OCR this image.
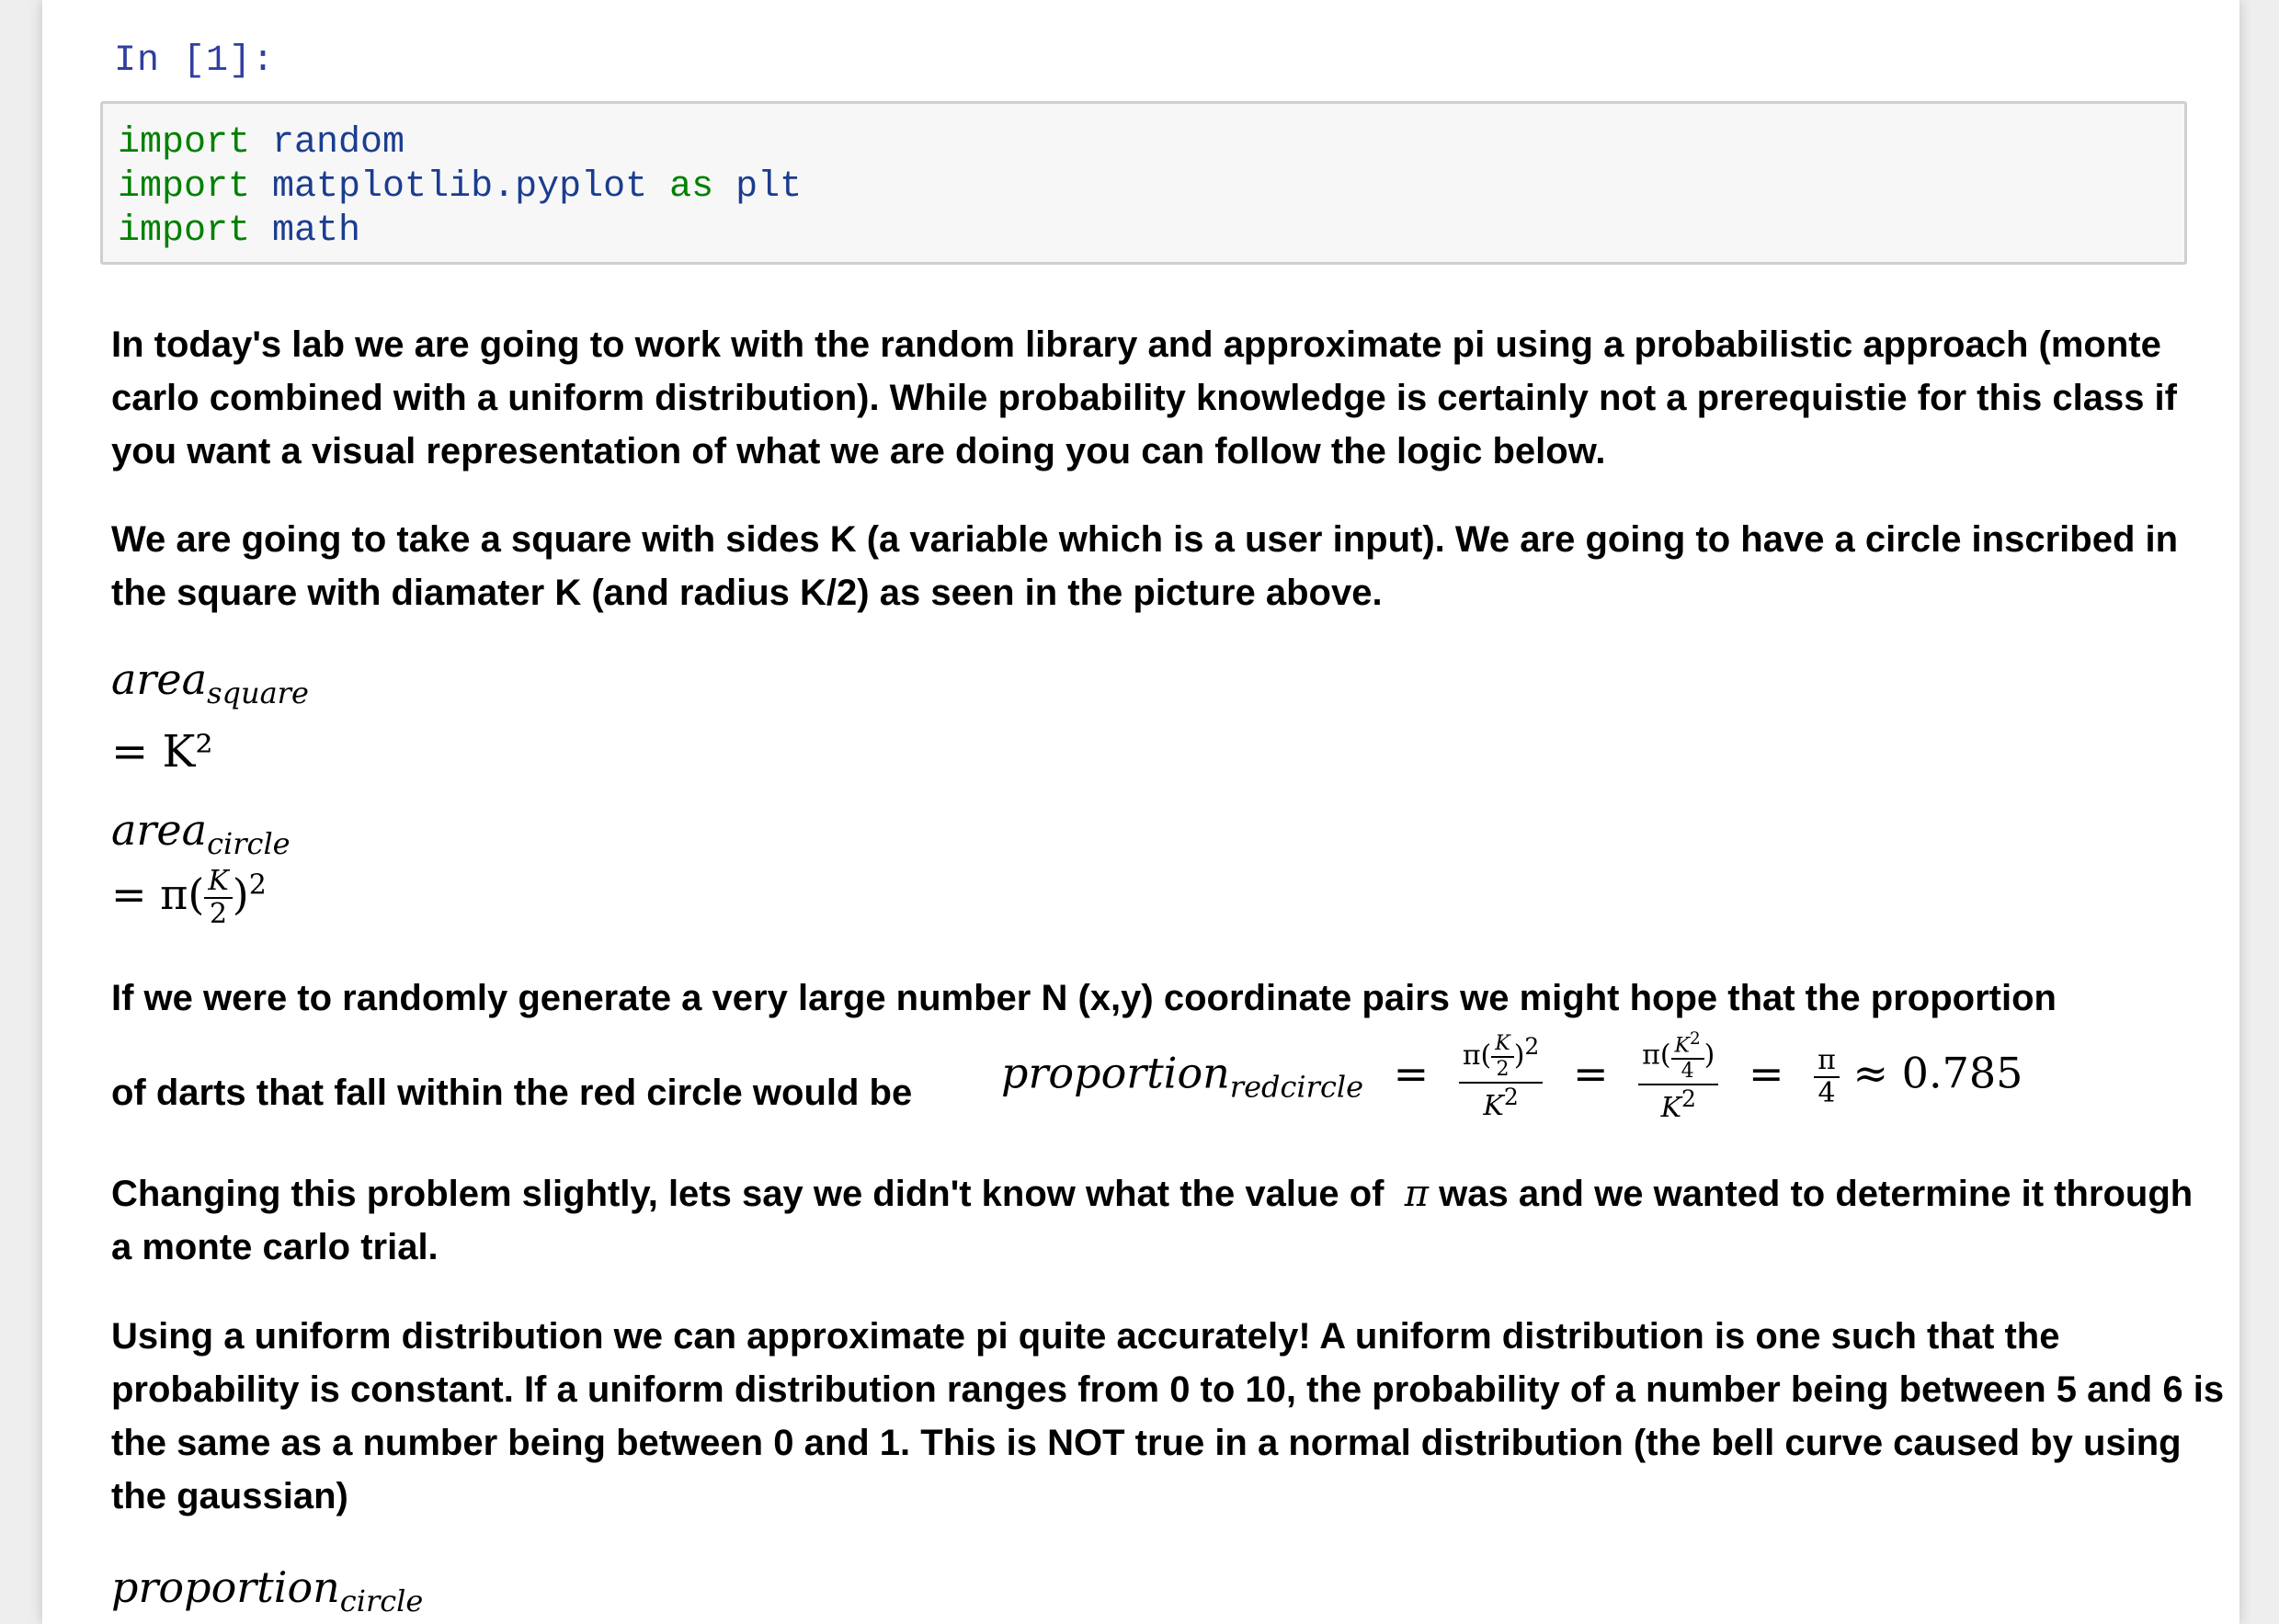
In [1]:
import random
import matplotlib.pyplot as plt
import math
In today's lab we are going to work with the random library and approximate pi using a probabilistic approach (monte carlo combined with a uniform distribution). While probability knowledge is certainly not a prerequistie for this class if you want a visual representation of what we are doing you can follow the logic below.
We are going to take a square with sides K (a variable which is a user input). We are going to have a circle inscribed in the square with diamater K (and radius K/2) as seen in the picture above.
area$_{square}$
= K²
area$_{circle}$
= $\pi( \frac{K}{2} )^2$
If we were to randomly generate a very large number N (x,y) coordinate pairs we might hope that the proportion
of darts that fall within the red circle would be	proportion$_{redcircle}$ = $\frac{\pi( \frac{K}{2} )^2}{K^2} = \frac{\pi( \frac{K^2}{4} )}{K^2} = \frac{\pi}{4} \approx 0.785$
Changing this problem slightly, lets say we didn't know what the value of π was and we wanted to determine it through a monte carlo trial.
Using a uniform distribution we can approximate pi quite accurately! A uniform distribution is one such that the probability is constant. If a uniform distribution ranges from 0 to 10, the probability of a number being between 5 and 6 is the same as a number being between 0 and 1. This is NOT true in a normal distribution (the bell curve caused by using the gaussian)
proportion$_{circle}$
